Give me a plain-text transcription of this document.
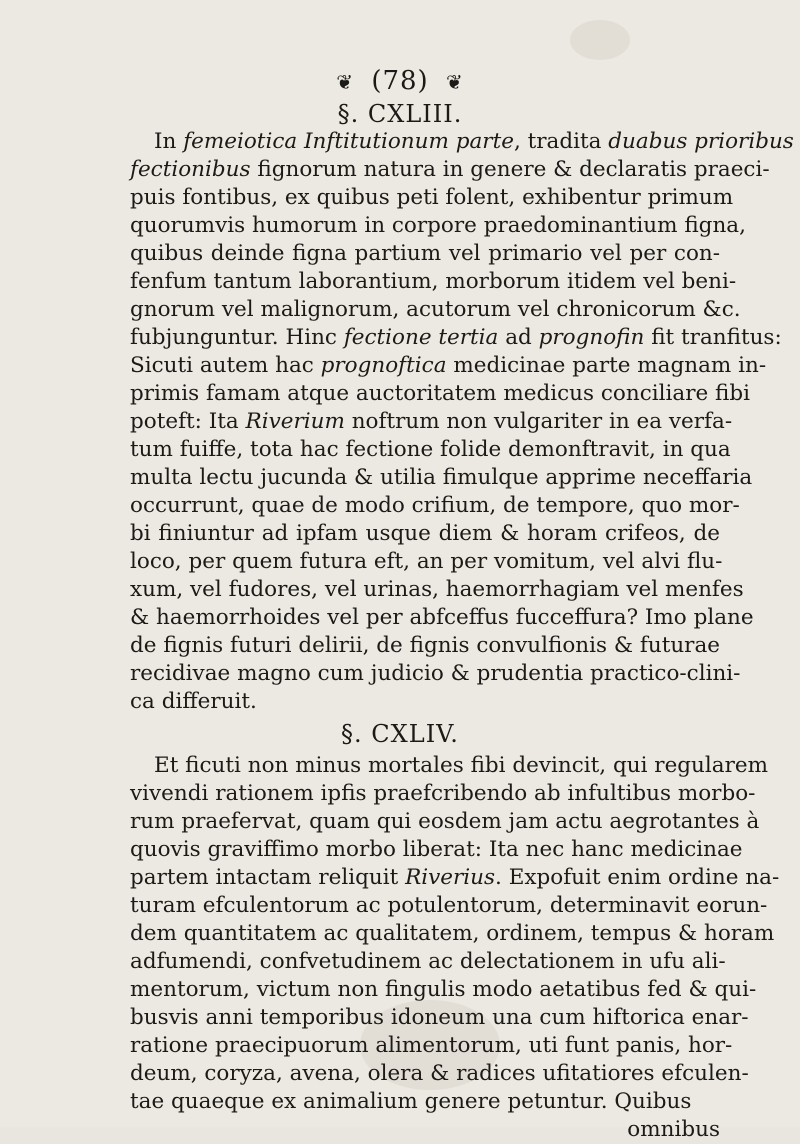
❦ (78) ❦
§. CXLIII.
In femeiotica Inftitutionum parte, tradita duabus prioribus
fectionibus fignorum natura in genere & declaratis praeci-
puis fontibus, ex quibus peti folent, exhibentur primum
quorumvis humorum in corpore praedominantium figna,
quibus deinde figna partium vel primario vel per con-
fenfum tantum laborantium, morborum itidem vel beni-
gnorum vel malignorum, acutorum vel chronicorum &c.
fubjunguntur. Hinc fectione tertia ad prognofin fit tranfitus:
Sicuti autem hac prognoftica medicinae parte magnam in-
primis famam atque auctoritatem medicus conciliare fibi
poteft: Ita Riverium noftrum non vulgariter in ea verfa-
tum fuiffe, tota hac fectione folide demonftravit, in qua
multa lectu jucunda & utilia fimulque apprime neceffaria
occurrunt, quae de modo crifium, de tempore, quo mor-
bi finiuntur ad ipfam usque diem & horam crifeos, de
loco, per quem futura eft, an per vomitum, vel alvi flu-
xum, vel fudores, vel urinas, haemorrhagiam vel menfes
& haemorrhoides vel per abfceffus fucceffura? Imo plane
de fignis futuri delirii, de fignis convulfionis & futurae
recidivae magno cum judicio & prudentia practico-clini-
ca differuit.
§. CXLIV.
Et ficuti non minus mortales fibi devincit, qui regularem
vivendi rationem ipfis praefcribendo ab infultibus morbo-
rum praefervat, quam qui eosdem jam actu aegrotantes à
quovis graviffimo morbo liberat: Ita nec hanc medicinae
partem intactam reliquit Riverius. Expofuit enim ordine na-
turam efculentorum ac potulentorum, determinavit eorun-
dem quantitatem ac qualitatem, ordinem, tempus & horam
adfumendi, confvetudinem ac delectationem in ufu ali-
mentorum, victum non fingulis modo aetatibus fed & qui-
busvis anni temporibus idoneum una cum hiftorica enar-
ratione praecipuorum alimentorum, uti funt panis, hor-
deum, coryza, avena, olera & radices ufitatiores efculen-
tae quaeque ex animalium genere petuntur. Quibus
omnibus
